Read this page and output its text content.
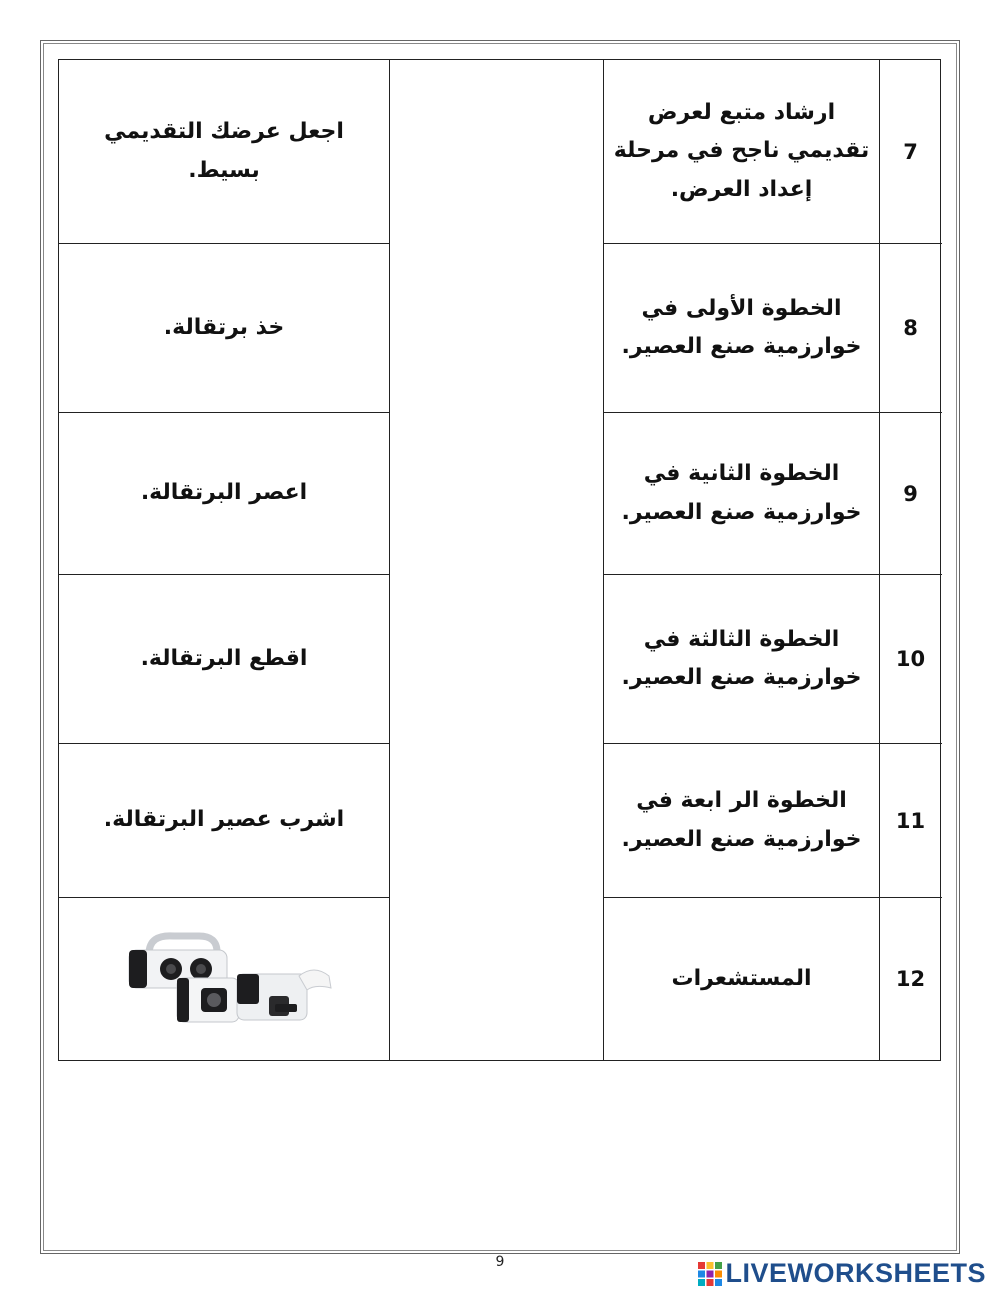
7
ارشاد متبع لعرض
تقديمي ناجح في مرحلة
إعداد العرض.
اجعل عرضك التقديمي
بسيط.
8
الخطوة الأولى في
خوارزمية صنع العصير.
خذ برتقالة.
9
الخطوة الثانية في
خوارزمية صنع العصير.
اعصر البرتقالة.
10
الخطوة الثالثة في
خوارزمية صنع العصير.
اقطع البرتقالة.
11
الخطوة الر ابعة في
خوارزمية صنع العصير.
اشرب عصير البرتقالة.
12
المستشعرات
9	LIVEWORKSHEETS
